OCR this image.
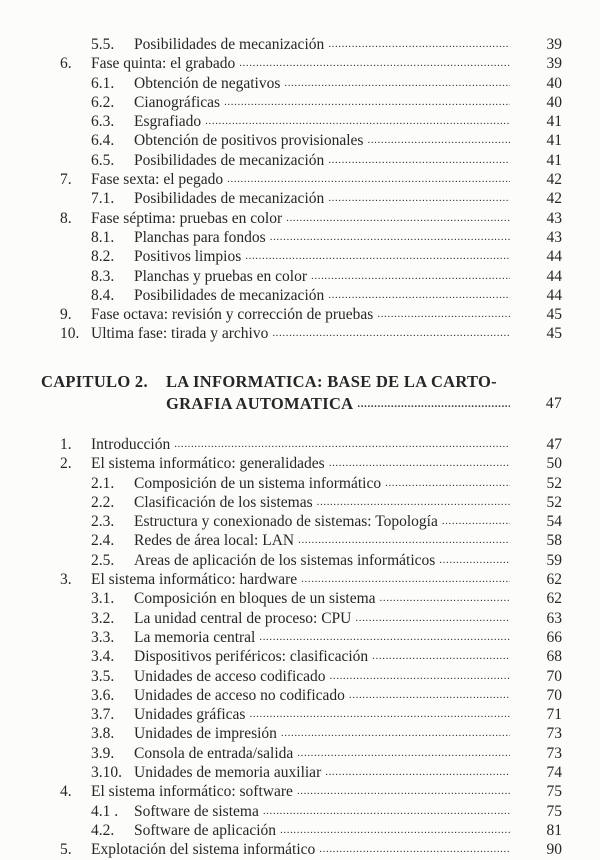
5.5. Posibilidades de mecanización .....	39
6. Fase quinta: el grabado .....	39
6.1. Obtención de negativos .....	40
6.2. Cianográficas .....	40
6.3. Esgrafiado .....	41
6.4. Obtención de positivos provisionales .....	41
6.5. Posibilidades de mecanización .....	41
7. Fase sexta: el pegado .....	42
7.1. Posibilidades de mecanización .....	42
8. Fase séptima: pruebas en color .....	43
8.1. Planchas para fondos .....	43
8.2. Positivos limpios .....	44
8.3. Planchas y pruebas en color .....	44
8.4. Posibilidades de mecanización .....	44
9. Fase octava: revisión y corrección de pruebas .....	45
10. Ultima fase: tirada y archivo .....	45
CAPITULO 2. LA INFORMATICA: BASE DE LA CARTO-
GRAFIA AUTOMATICA .....	47
1. Introducción .....	47
2. El sistema informático: generalidades .....	50
2.1. Composición de un sistema informático .....	52
2.2. Clasificación de los sistemas .....	52
2.3. Estructura y conexionado de sistemas: Topología .....	54
2.4. Redes de área local: LAN .....	58
2.5. Areas de aplicación de los sistemas informáticos .....	59
3. El sistema informático: hardware .....	62
3.1. Composición en bloques de un sistema .....	62
3.2. La unidad central de proceso: CPU .....	63
3.3. La memoria central .....	66
3.4. Dispositivos periféricos: clasificación .....	68
3.5. Unidades de acceso codificado .....	70
3.6. Unidades de acceso no codificado .....	70
3.7. Unidades gráficas .....	71
3.8. Unidades de impresión .....	73
3.9. Consola de entrada/salida .....	73
3.10. Unidades de memoria auxiliar .....	74
4. El sistema informático: software .....	75
4.1 . Software de sistema .....	75
4.2. Software de aplicación .....	81
5. Explotación del sistema informático .....	90
